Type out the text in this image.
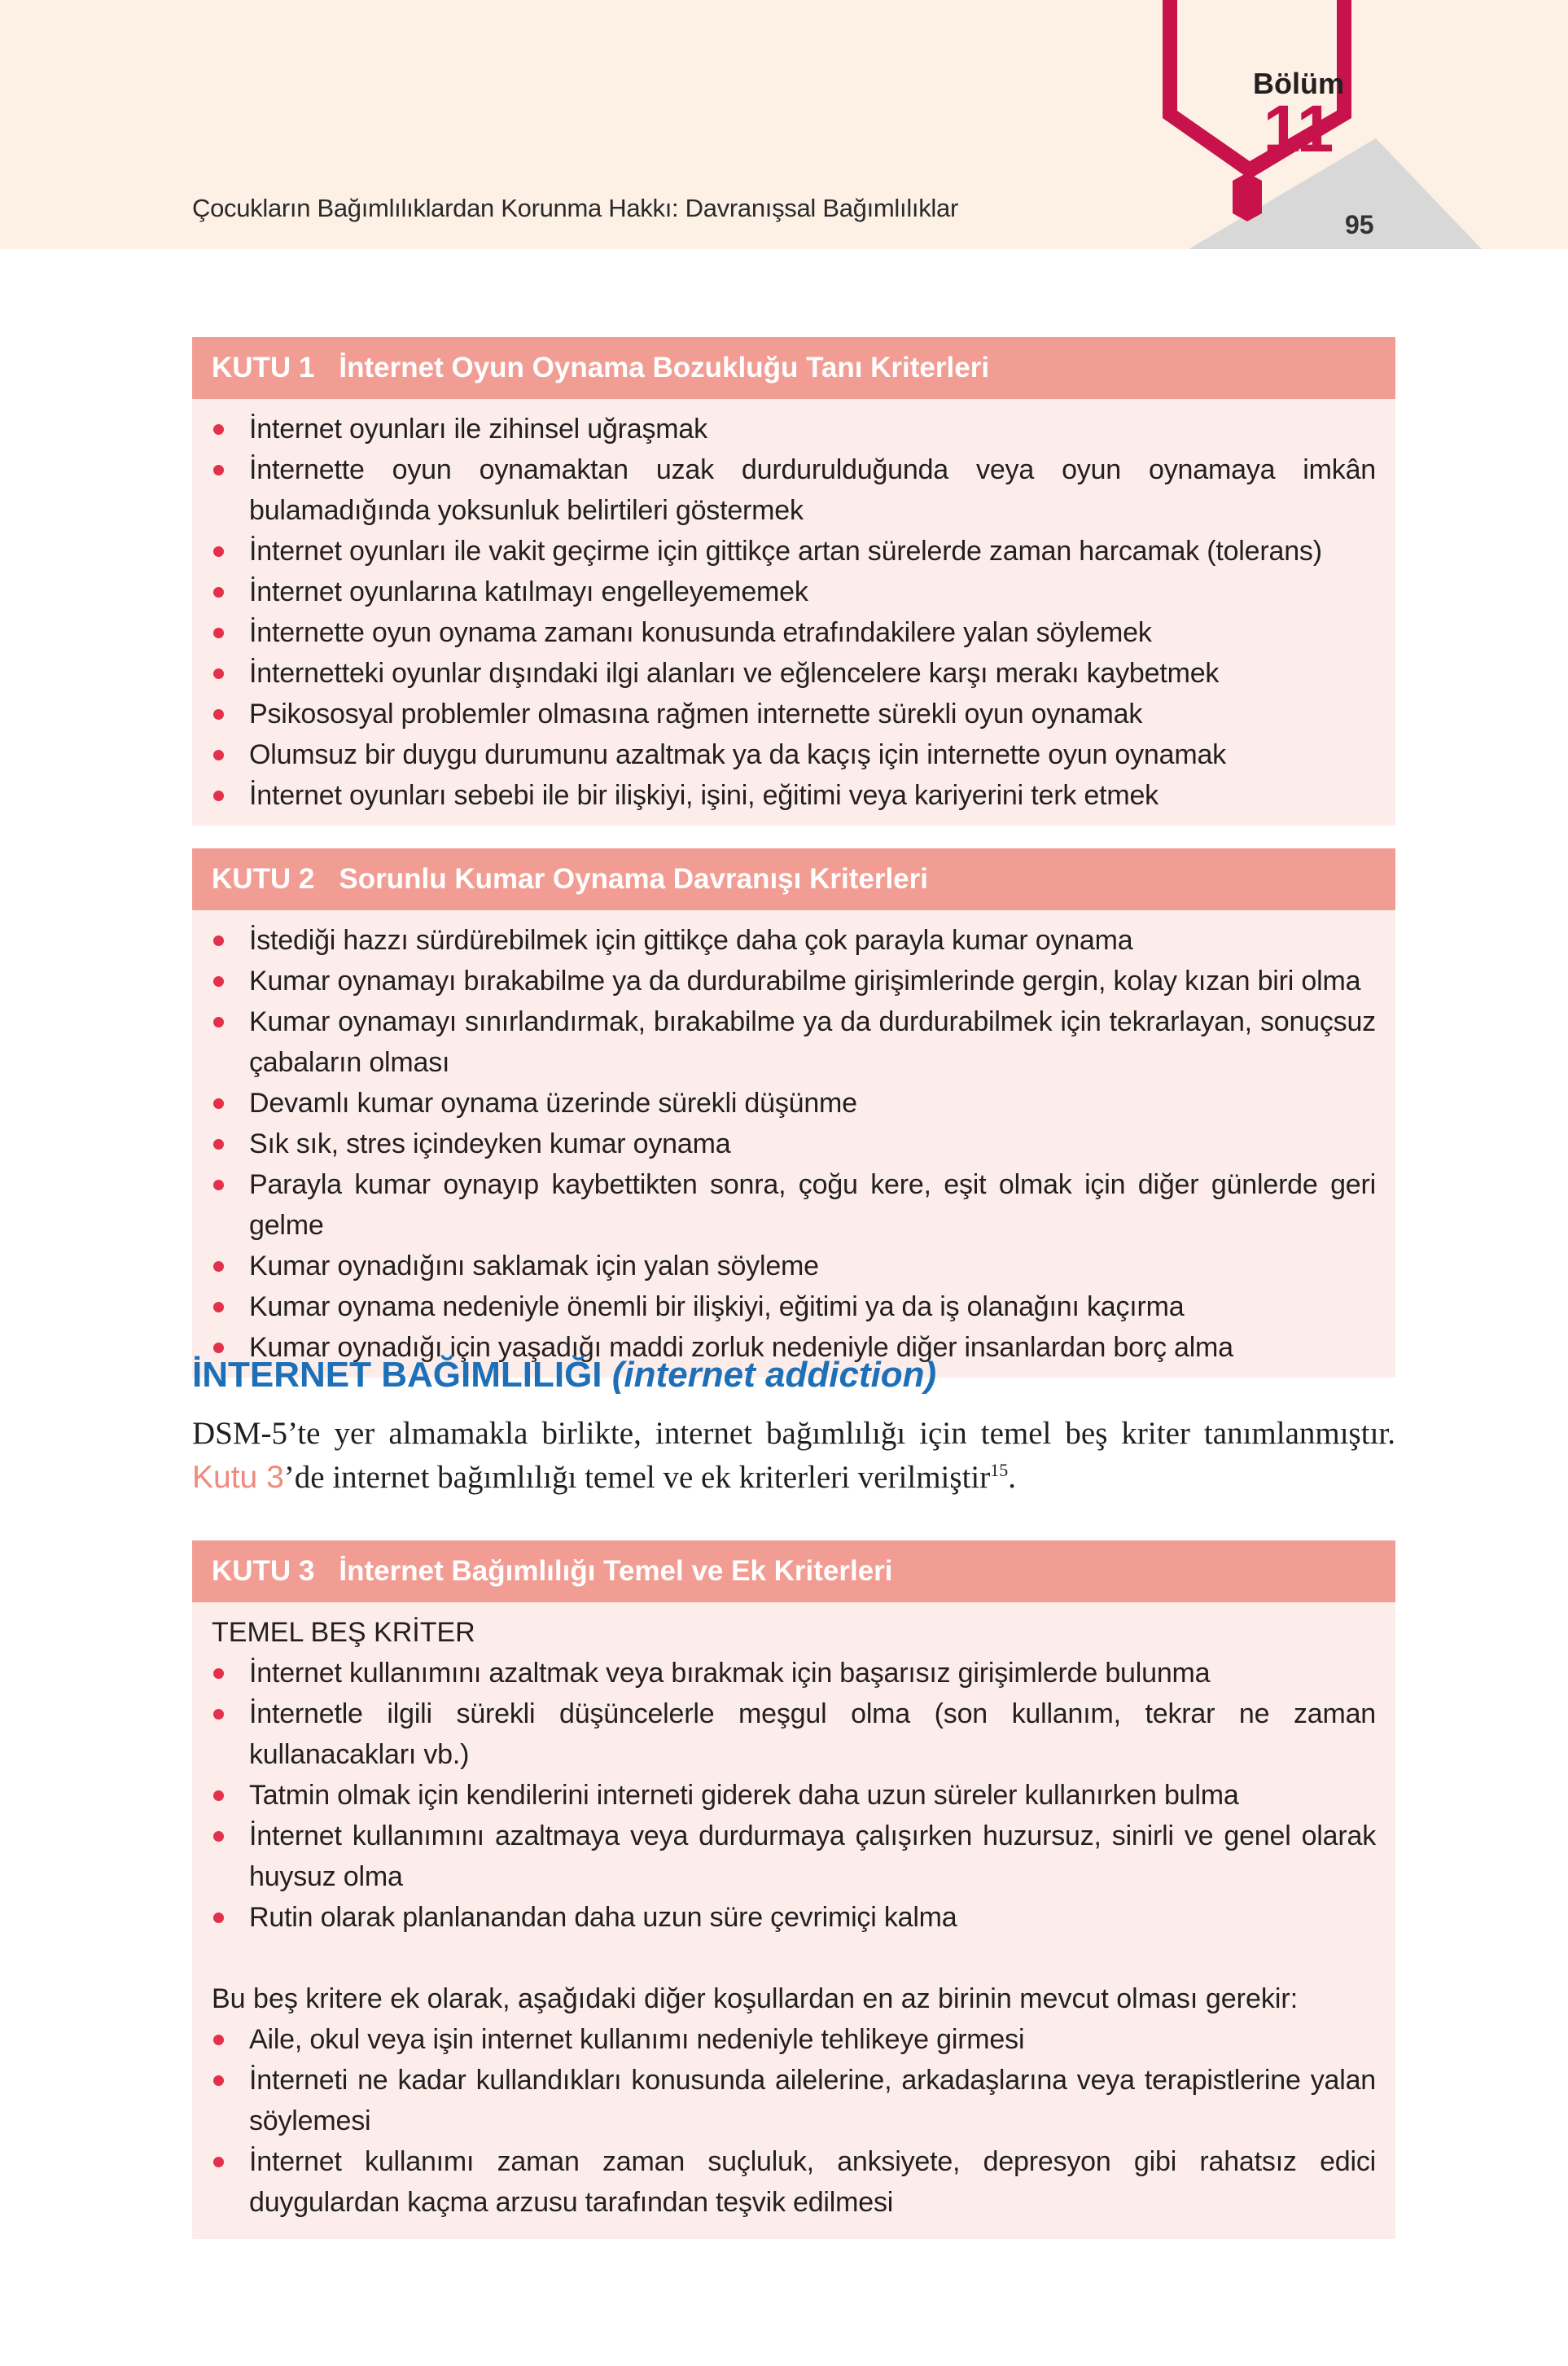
Çocukların Bağımlılıklardan Korunma Hakkı: Davranışsal Bağımlılıklar
Bölüm
11
95
KUTU 1 İnternet Oyun Oynama Bozukluğu Tanı Kriterleri
İnternet oyunları ile zihinsel uğraşmak
İnternette oyun oynamaktan uzak durdurulduğunda veya oyun oynamaya imkân bulamadığında yoksunluk belirtileri göstermek
İnternet oyunları ile vakit geçirme için gittikçe artan sürelerde zaman harcamak (tolerans)
İnternet oyunlarına katılmayı engelleyememek
İnternette oyun oynama zamanı konusunda etrafındakilere yalan söylemek
İnternetteki oyunlar dışındaki ilgi alanları ve eğlencelere karşı merakı kaybetmek
Psikososyal problemler olmasına rağmen internette sürekli oyun oynamak
Olumsuz bir duygu durumunu azaltmak ya da kaçış için internette oyun oynamak
İnternet oyunları sebebi ile bir ilişkiyi, işini, eğitimi veya kariyerini terk etmek
KUTU 2 Sorunlu Kumar Oynama Davranışı Kriterleri
İstediği hazzı sürdürebilmek için gittikçe daha çok parayla kumar oynama
Kumar oynamayı bırakabilme ya da durdurabilme girişimlerinde gergin, kolay kızan biri olma
Kumar oynamayı sınırlandırmak, bırakabilme ya da durdurabilmek için tekrarlayan, sonuçsuz çabaların olması
Devamlı kumar oynama üzerinde sürekli düşünme
Sık sık, stres içindeyken kumar oynama
Parayla kumar oynayıp kaybettikten sonra, çoğu kere, eşit olmak için diğer günlerde geri gelme
Kumar oynadığını saklamak için yalan söyleme
Kumar oynama nedeniyle önemli bir ilişkiyi, eğitimi ya da iş olanağını kaçırma
Kumar oynadığı için yaşadığı maddi zorluk nedeniyle diğer insanlardan borç alma
İNTERNET BAĞIMLILIĞI (internet addiction)
DSM-5’te yer almamakla birlikte, internet bağımlılığı için temel beş kriter tanımlanmıştır. Kutu 3’de internet bağımlılığı temel ve ek kriterleri verilmiştir$^{15}$.
KUTU 3 İnternet Bağımlılığı Temel ve Ek Kriterleri
TEMEL BEŞ KRİTER
İnternet kullanımını azaltmak veya bırakmak için başarısız girişimlerde bulunma
İnternetle ilgili sürekli düşüncelerle meşgul olma (son kullanım, tekrar ne zaman kullanacakları vb.)
Tatmin olmak için kendilerini interneti giderek daha uzun süreler kullanırken bulma
İnternet kullanımını azaltmaya veya durdurmaya çalışırken huzursuz, sinirli ve genel olarak huysuz olma
Rutin olarak planlanandan daha uzun süre çevrimiçi kalma
Bu beş kritere ek olarak, aşağıdaki diğer koşullardan en az birinin mevcut olması gerekir:
Aile, okul veya işin internet kullanımı nedeniyle tehlikeye girmesi
İnterneti ne kadar kullandıkları konusunda ailelerine, arkadaşlarına veya terapistlerine yalan söylemesi
İnternet kullanımı zaman zaman suçluluk, anksiyete, depresyon gibi rahatsız edici duygulardan kaçma arzusu tarafından teşvik edilmesi
